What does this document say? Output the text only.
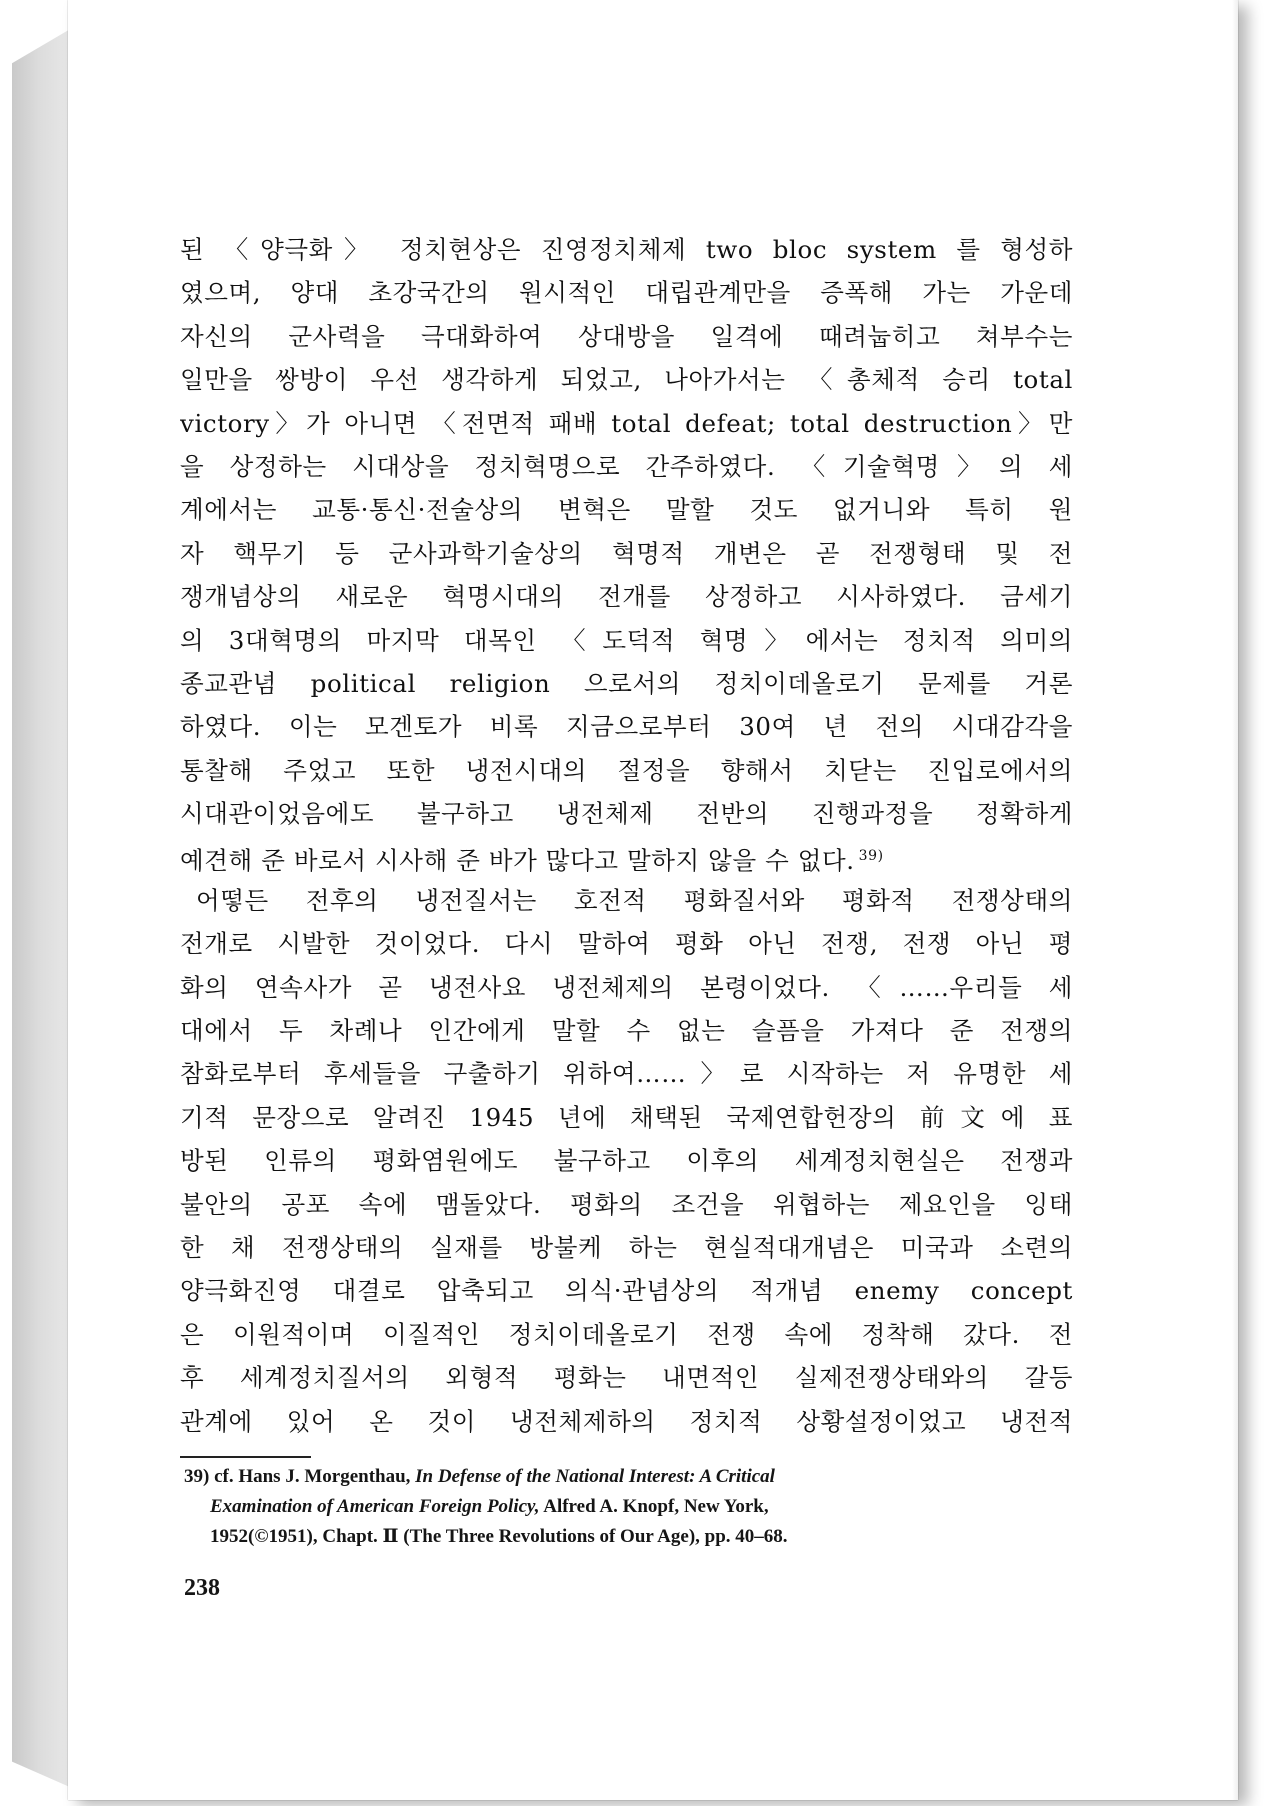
된 〈양극화〉 정치현상은 진영정치체제 two bloc system 를 형성하
였으며, 양대 초강국간의 원시적인 대립관계만을 증폭해 가는 가운데
자신의 군사력을 극대화하여 상대방을 일격에 때려눕히고 쳐부수는
일만을 쌍방이 우선 생각하게 되었고, 나아가서는 〈총체적 승리 total
victory〉가 아니면 〈전면적 패배 total defeat; total destruction〉만
을 상정하는 시대상을 정치혁명으로 간주하였다. 〈기술혁명〉의 세
계에서는 교통·통신·전술상의 변혁은 말할 것도 없거니와 특히 원
자 핵무기 등 군사과학기술상의 혁명적 개변은 곧 전쟁형태 및 전
쟁개념상의 새로운 혁명시대의 전개를 상정하고 시사하였다. 금세기
의 3대혁명의 마지막 대목인 〈도덕적 혁명〉에서는 정치적 의미의
종교관념 political religion 으로서의 정치이데올로기 문제를 거론
하였다. 이는 모겐토가 비록 지금으로부터 30여 년 전의 시대감각을
통찰해 주었고 또한 냉전시대의 절정을 향해서 치닫는 진입로에서의
시대관이었음에도 불구하고 냉전체제 전반의 진행과정을 정확하게
예견해 준 바로서 시사해 준 바가 많다고 말하지 않을 수 없다. $^{39)}$
어떻든 전후의 냉전질서는 호전적 평화질서와 평화적 전쟁상태의
전개로 시발한 것이었다. 다시 말하여 평화 아닌 전쟁, 전쟁 아닌 평
화의 연속사가 곧 냉전사요 냉전체제의 본령이었다. 〈……우리들 세
대에서 두 차례나 인간에게 말할 수 없는 슬픔을 가져다 준 전쟁의
참화로부터 후세들을 구출하기 위하여……〉로 시작하는 저 유명한 세
기적 문장으로 알려진 1945 년에 채택된 국제연합헌장의 前文에 표
방된 인류의 평화염원에도 불구하고 이후의 세계정치현실은 전쟁과
불안의 공포 속에 맴돌았다. 평화의 조건을 위협하는 제요인을 잉태
한 채 전쟁상태의 실재를 방불케 하는 현실적대개념은 미국과 소련의
양극화진영 대결로 압축되고 의식·관념상의 적개념 enemy concept
은 이원적이며 이질적인 정치이데올로기 전쟁 속에 정착해 갔다. 전
후 세계정치질서의 외형적 평화는 내면적인 실제전쟁상태와의 갈등
관계에 있어 온 것이 냉전체제하의 정치적 상황설정이었고 냉전적
39) cf. Hans J. Morgenthau, In Defense of the National Interest: A Critical
Examination of American Foreign Policy, Alfred A. Knopf, New York,
1952(©1951), Chapt. Ⅱ (The Three Revolutions of Our Age), pp. 40–68.
238
